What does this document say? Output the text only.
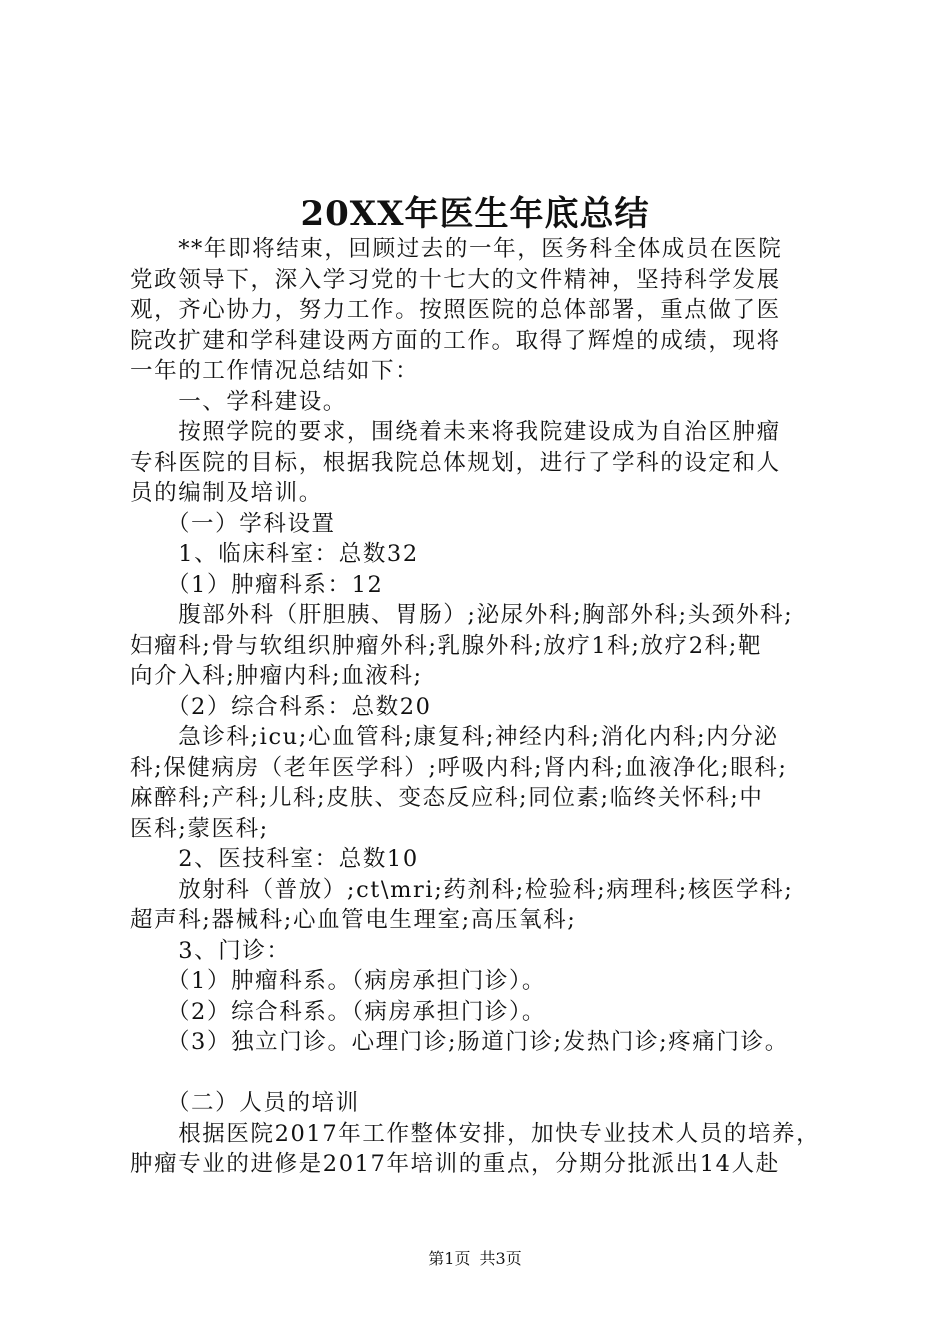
20XX年医生年底总结
　　**年即将结束，回顾过去的一年，医务科全体成员在医院
党政领导下，深入学习党的十七大的文件精神，坚持科学发展
观，齐心协力，努力工作。按照医院的总体部署，重点做了医
院改扩建和学科建设两方面的工作。取得了辉煌的成绩，现将
一年的工作情况总结如下：
　　一、学科建设。
　　按照学院的要求，围绕着未来将我院建设成为自治区肿瘤
专科医院的目标，根据我院总体规划，进行了学科的设定和人
员的编制及培训。
　　（一）学科设置
　　1、临床科室：总数32
　　（1）肿瘤科系：12
　　腹部外科（肝胆胰、胃肠）;泌尿外科;胸部外科;头颈外科;
妇瘤科;骨与软组织肿瘤外科;乳腺外科;放疗1科;放疗2科;靶
向介入科;肿瘤内科;血液科;
　　（2）综合科系：总数20
　　急诊科;icu;心血管科;康复科;神经内科;消化内科;内分泌
科;保健病房（老年医学科）;呼吸内科;肾内科;血液净化;眼科;
麻醉科;产科;儿科;皮肤、变态反应科;同位素;临终关怀科;中
医科;蒙医科;
　　2、医技科室：总数10
　　放射科（普放）;ct\mri;药剂科;检验科;病理科;核医学科;
超声科;器械科;心血管电生理室;高压氧科;
　　3、门诊：
　　（1）肿瘤科系。（病房承担门诊）。
　　（2）综合科系。（病房承担门诊）。
　　（3）独立门诊。心理门诊;肠道门诊;发热门诊;疼痛门诊。
　　（二）人员的培训
　　根据医院2017年工作整体安排，加快专业技术人员的培养，
肿瘤专业的进修是2017年培训的重点，分期分批派出14人赴
第1页 共3页
